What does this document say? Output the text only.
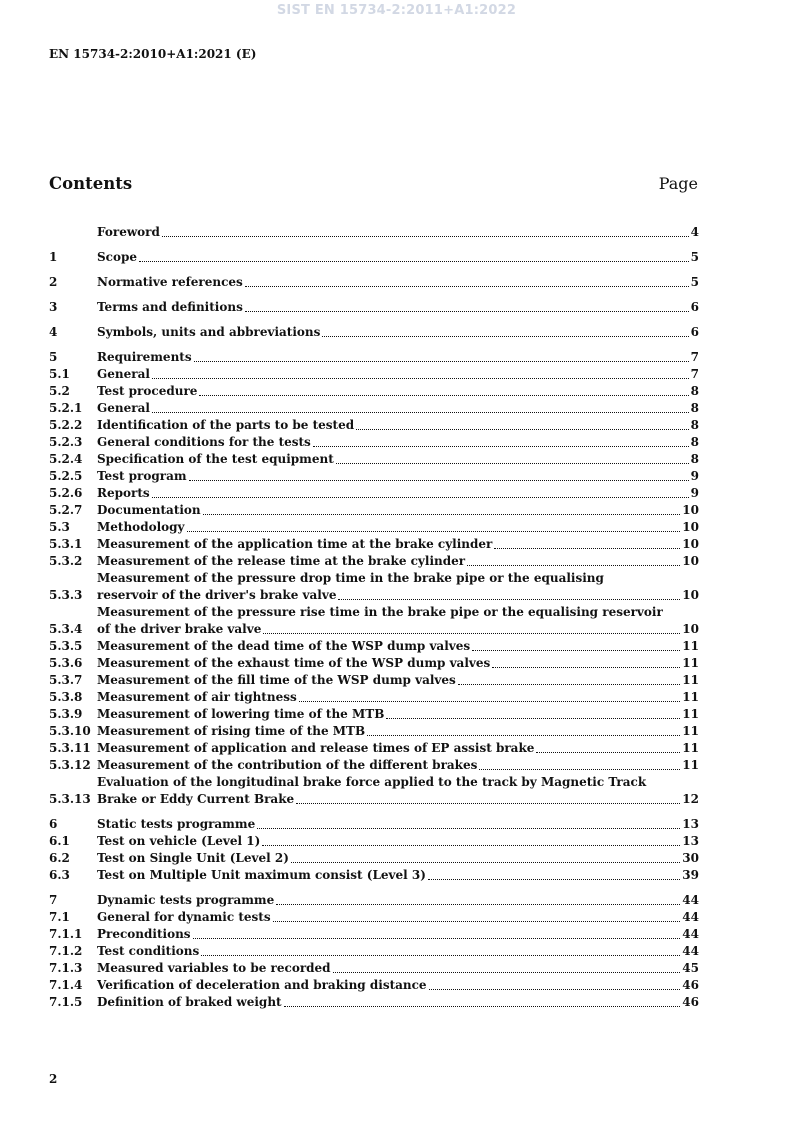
SIST EN 15734-2:2011+A1:2022
EN 15734-2:2010+A1:2021 (E)
Contents	Page
Foreword	4
1	Scope	5
2	Normative references	5
3	Terms and definitions	6
4	Symbols, units and abbreviations	6
5	Requirements	7
5.1	General	7
5.2	Test procedure	8
5.2.1	General	8
5.2.2	Identification of the parts to be tested	8
5.2.3	General conditions for the tests	8
5.2.4	Specification of the test equipment	8
5.2.5	Test program	9
5.2.6	Reports	9
5.2.7	Documentation	10
5.3	Methodology	10
5.3.1	Measurement of the application time at the brake cylinder	10
5.3.2	Measurement of the release time at the brake cylinder	10
5.3.3
Measurement of the pressure drop time in the brake pipe or the equalising
reservoir of the driver's brake valve	10
5.3.4
Measurement of the pressure rise time in the brake pipe or the equalising reservoir
of the driver brake valve	10
5.3.5	Measurement of the dead time of the WSP dump valves	11
5.3.6	Measurement of the exhaust time of the WSP dump valves	11
5.3.7	Measurement of the fill time of the WSP dump valves	11
5.3.8	Measurement of air tightness	11
5.3.9	Measurement of lowering time of the MTB	11
5.3.10 Measurement of rising time of the MTB	11
5.3.11 Measurement of application and release times of EP assist brake	11
5.3.12 Measurement of the contribution of the different brakes	11
5.3.13
Evaluation of the longitudinal brake force applied to the track by Magnetic Track
Brake or Eddy Current Brake	12
6	Static tests programme	13
6.1	Test on vehicle (Level 1)	13
6.2	Test on Single Unit (Level 2)	30
6.3	Test on Multiple Unit maximum consist (Level 3)	39
7	Dynamic tests programme	44
7.1	General for dynamic tests	44
7.1.1	Preconditions	44
7.1.2	Test conditions	44
7.1.3	Measured variables to be recorded	45
7.1.4	Verification of deceleration and braking distance	46
7.1.5	Definition of braked weight	46
2
